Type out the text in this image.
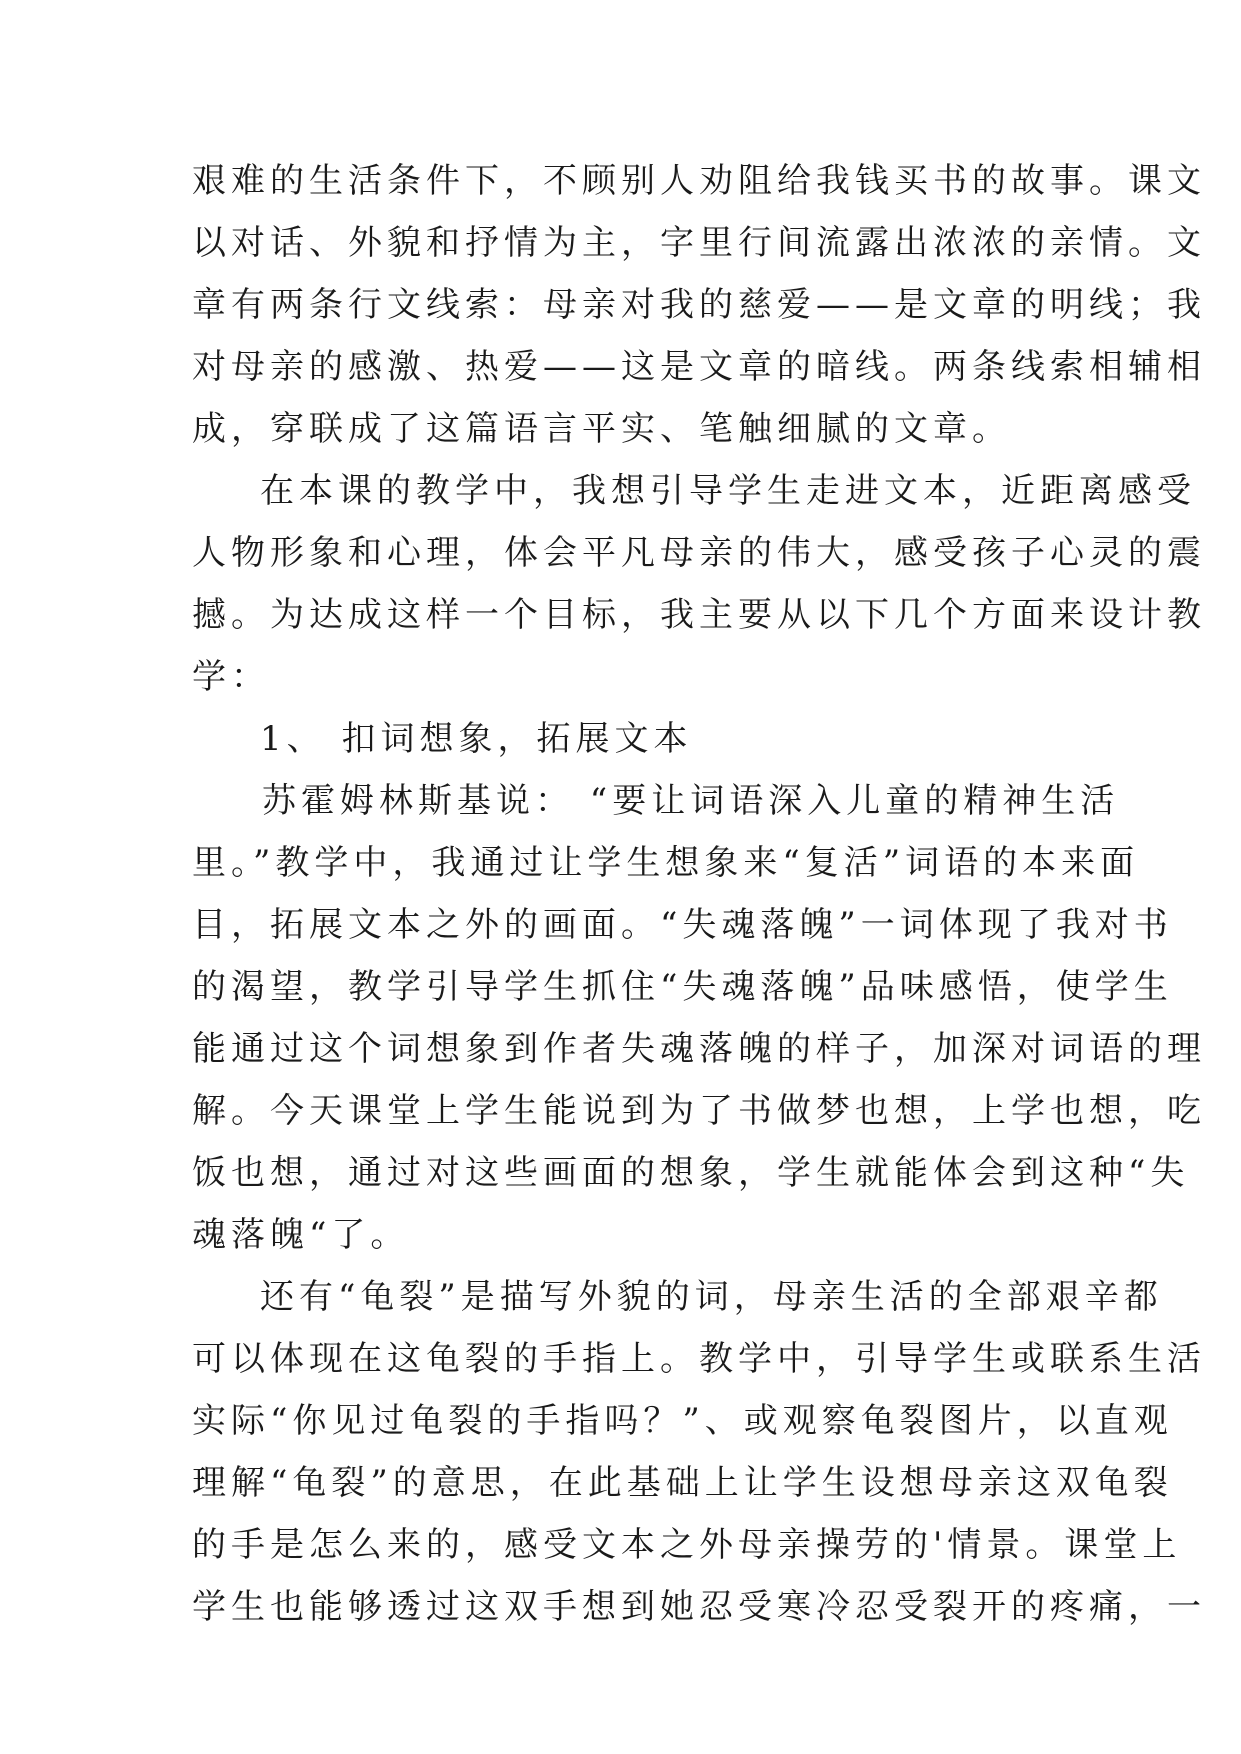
艰难的生活条件下，不顾别人劝阻给我钱买书的故事。课文
以对话、外貌和抒情为主，字里行间流露出浓浓的亲情。文
章有两条行文线索：母亲对我的慈爱——是文章的明线；我
对母亲的感激、热爱——这是文章的暗线。两条线索相辅相
成，穿联成了这篇语言平实、笔触细腻的文章。
在本课的教学中，我想引导学生走进文本，近距离感受
人物形象和心理，体会平凡母亲的伟大，感受孩子心灵的震
撼。为达成这样一个目标，我主要从以下几个方面来设计教
学：
1、 扣词想象，拓展文本
苏霍姆林斯基说： “要让词语深入儿童的精神生活
里。”教学中，我通过让学生想象来“复活”词语的本来面
目，拓展文本之外的画面。“失魂落魄”一词体现了我对书
的渴望，教学引导学生抓住“失魂落魄”品味感悟，使学生
能通过这个词想象到作者失魂落魄的样子，加深对词语的理
解。今天课堂上学生能说到为了书做梦也想，上学也想，吃
饭也想，通过对这些画面的想象，学生就能体会到这种“失
魂落魄“了。
还有“龟裂”是描写外貌的词，母亲生活的全部艰辛都
可以体现在这龟裂的手指上。教学中，引导学生或联系生活
实际“你见过龟裂的手指吗？”、或观察龟裂图片，以直观
理解“龟裂”的意思，在此基础上让学生设想母亲这双龟裂
的手是怎么来的，感受文本之外母亲操劳的'情景。课堂上
学生也能够透过这双手想到她忍受寒冷忍受裂开的疼痛，一
